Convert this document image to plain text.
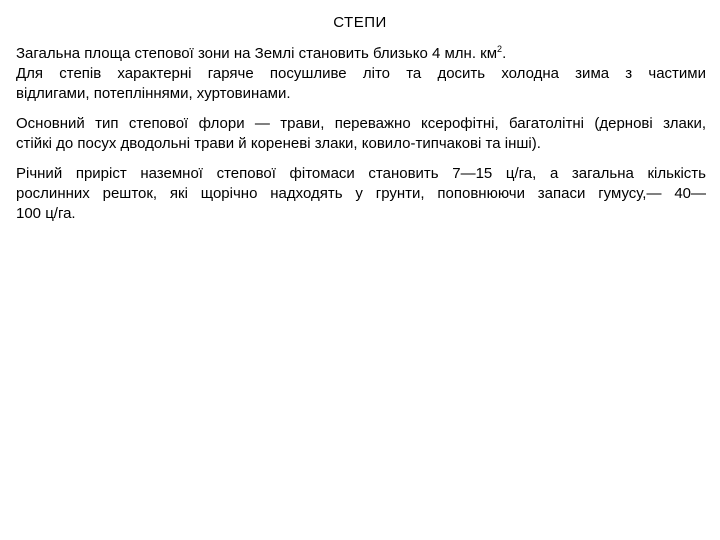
СТЕПИ
Загальна площа степової зони на Землі становить близько 4 млн. $км^2$.
Для степів характерні гаряче посушливе літо та досить холодна зима з частими
відлигами, потепліннями, хуртовинами.
Основний тип степової флори — трави, переважно ксерофітні, багатолітні (дернові злаки,
стійкі до посух дводольні трави й кореневі злаки, ковило-типчакові та інші).
Річний приріст наземної степової фітомаси становить 7—15 ц/га, а загальна кількість
рослинних решток, які щорічно надходять у грунти, поповнюючи запаси гумусу,— 40—
100 ц/га.
